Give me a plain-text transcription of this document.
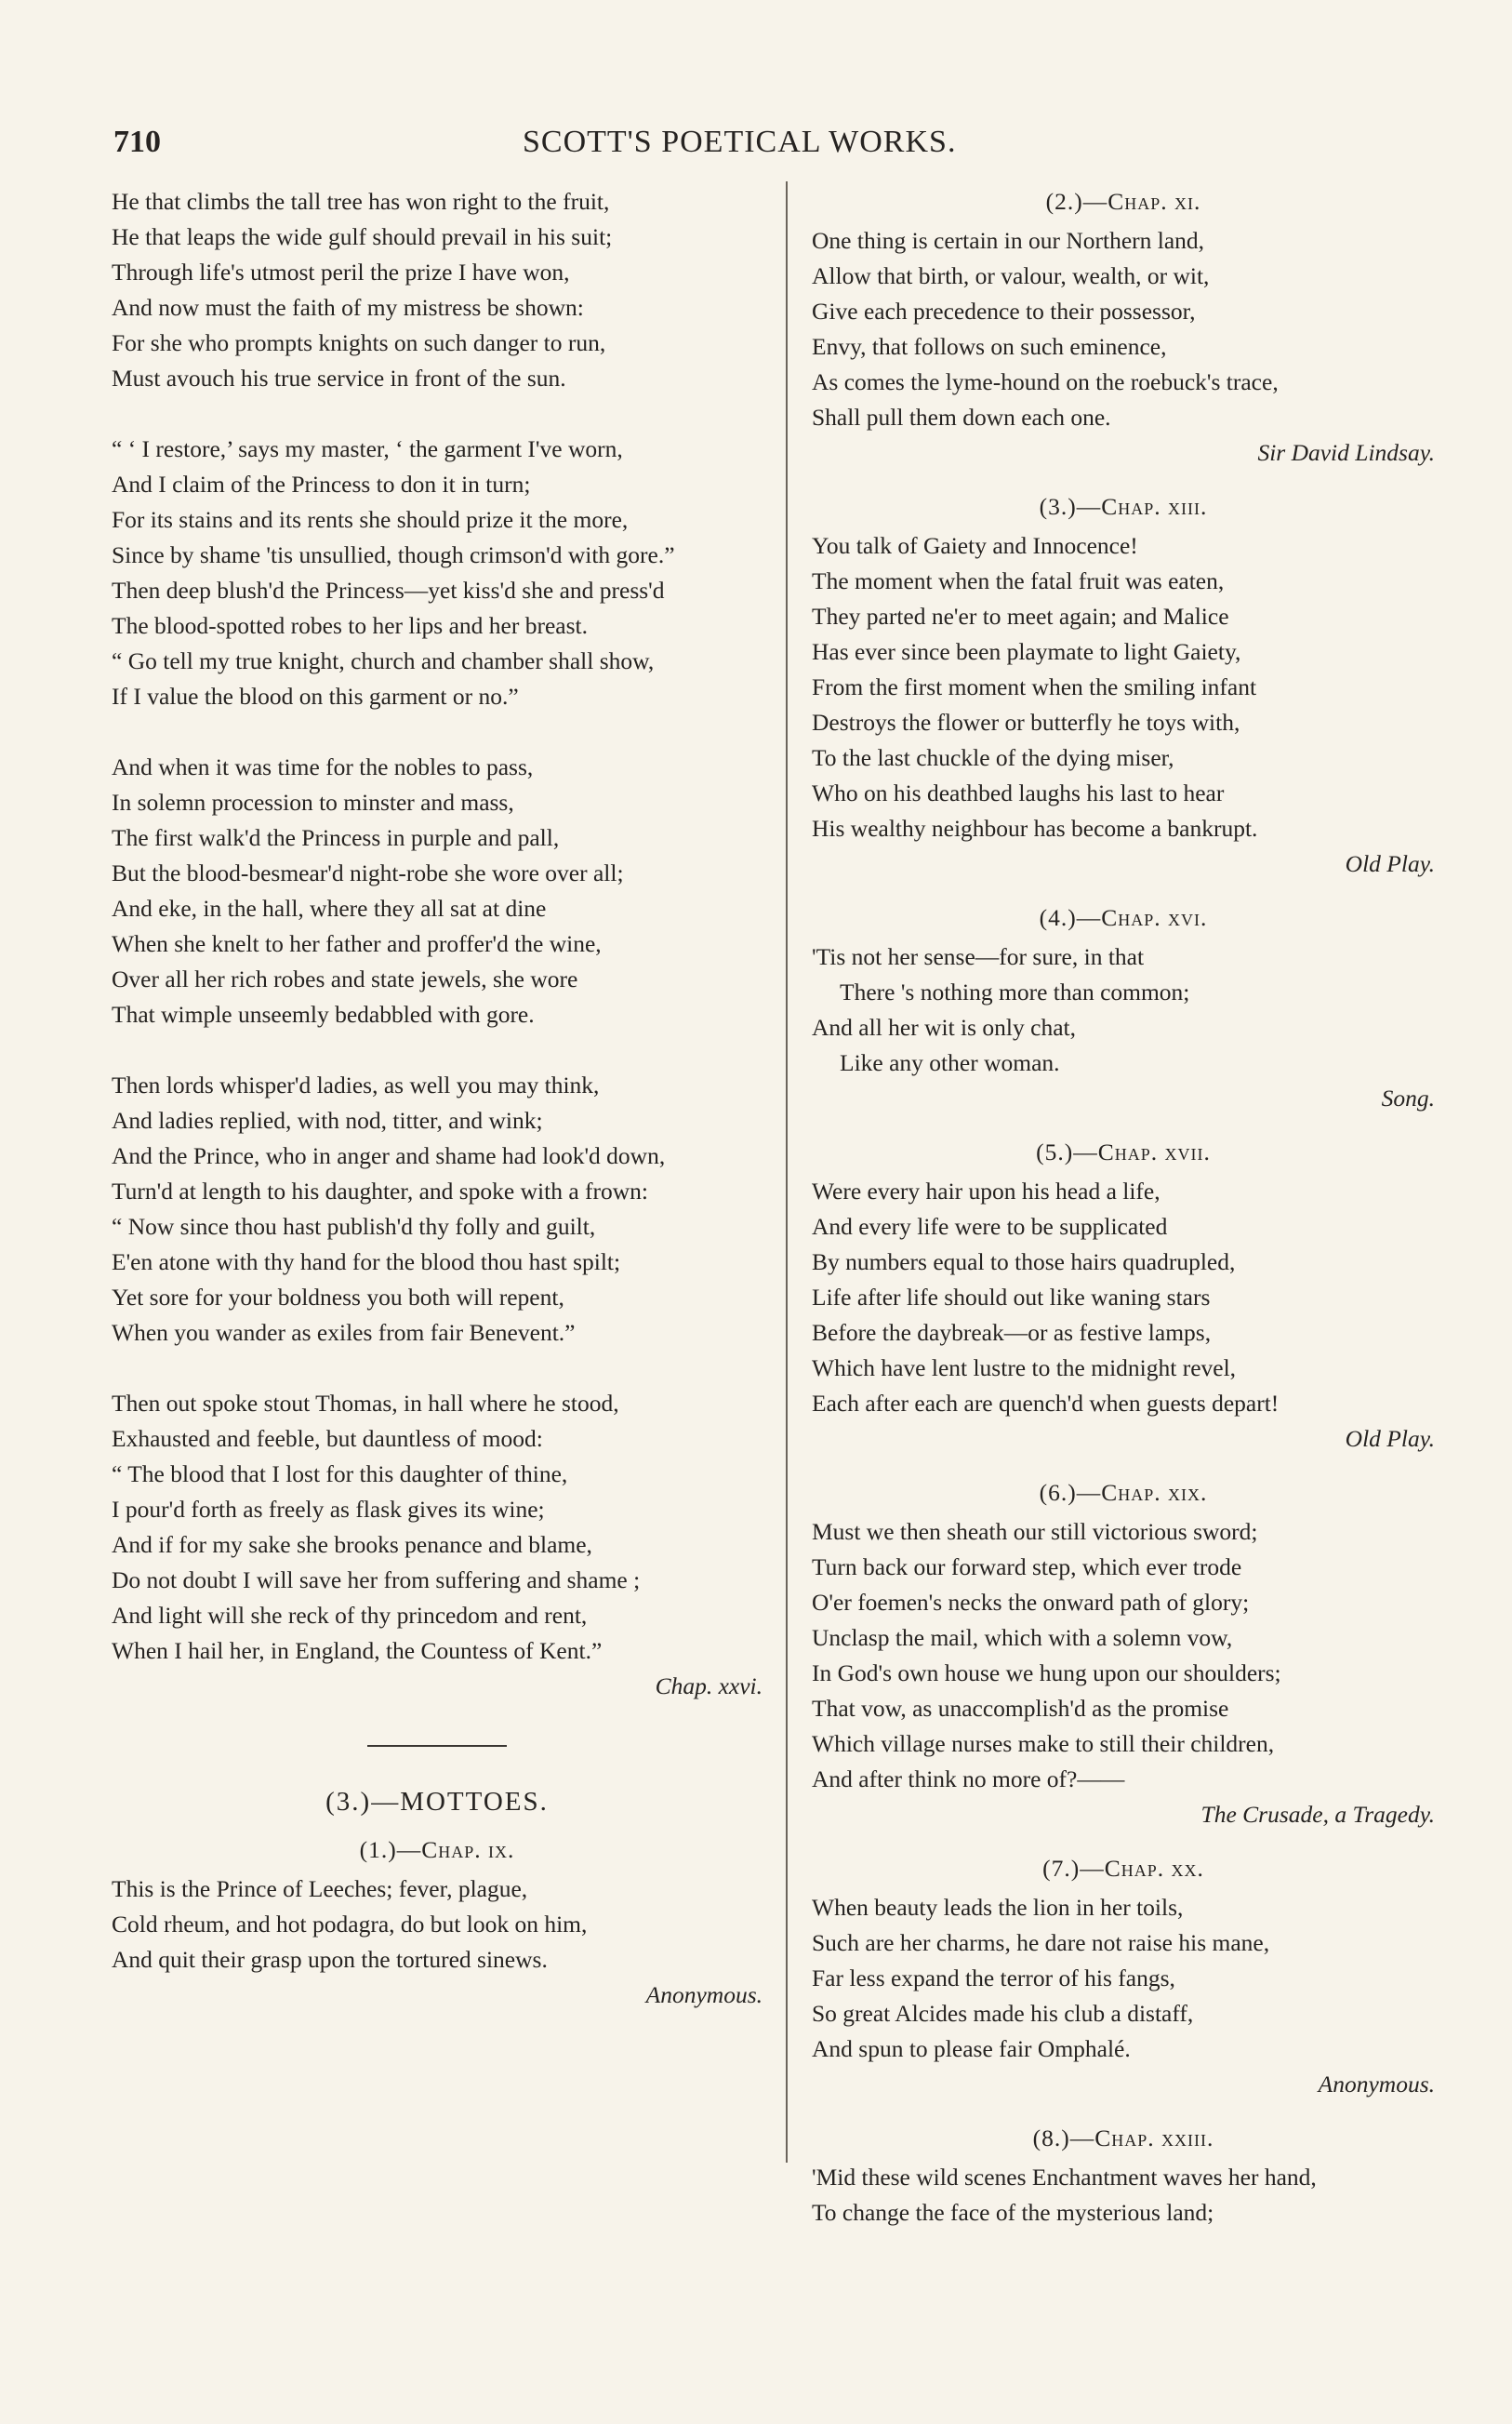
710	SCOTT'S POETICAL WORKS.
He that climbs the tall tree has won right to the fruit,
He that leaps the wide gulf should prevail in his suit;
Through life's utmost peril the prize I have won,
And now must the faith of my mistress be shown:
For she who prompts knights on such danger to run,
Must avouch his true service in front of the sun.
“ ‘ I restore,’ says my master, ‘ the garment I've worn,
And I claim of the Princess to don it in turn;
For its stains and its rents she should prize it the more,
Since by shame 'tis unsullied, though crimson'd with gore.”
Then deep blush'd the Princess—yet kiss'd she and press'd
The blood-spotted robes to her lips and her breast.
“ Go tell my true knight, church and chamber shall show,
If I value the blood on this garment or no.”
And when it was time for the nobles to pass,
In solemn procession to minster and mass,
The first walk'd the Princess in purple and pall,
But the blood-besmear'd night-robe she wore over all;
And eke, in the hall, where they all sat at dine
When she knelt to her father and proffer'd the wine,
Over all her rich robes and state jewels, she wore
That wimple unseemly bedabbled with gore.
Then lords whisper'd ladies, as well you may think,
And ladies replied, with nod, titter, and wink;
And the Prince, who in anger and shame had look'd down,
Turn'd at length to his daughter, and spoke with a frown:
“ Now since thou hast publish'd thy folly and guilt,
E'en atone with thy hand for the blood thou hast spilt;
Yet sore for your boldness you both will repent,
When you wander as exiles from fair Benevent.”
Then out spoke stout Thomas, in hall where he stood,
Exhausted and feeble, but dauntless of mood:
“ The blood that I lost for this daughter of thine,
I pour'd forth as freely as flask gives its wine;
And if for my sake she brooks penance and blame,
Do not doubt I will save her from suffering and shame ;
And light will she reck of thy princedom and rent,
When I hail her, in England, the Countess of Kent.”
Chap. xxvi.
(3.)—MOTTOES.
(1.)—Chap. ix.
This is the Prince of Leeches; fever, plague,
Cold rheum, and hot podagra, do but look on him,
And quit their grasp upon the tortured sinews.
Anonymous.
(2.)—Chap. xi.
One thing is certain in our Northern land,
Allow that birth, or valour, wealth, or wit,
Give each precedence to their possessor,
Envy, that follows on such eminence,
As comes the lyme-hound on the roebuck's trace,
Shall pull them down each one.
Sir David Lindsay.
(3.)—Chap. xiii.
You talk of Gaiety and Innocence!
The moment when the fatal fruit was eaten,
They parted ne'er to meet again; and Malice
Has ever since been playmate to light Gaiety,
From the first moment when the smiling infant
Destroys the flower or butterfly he toys with,
To the last chuckle of the dying miser,
Who on his deathbed laughs his last to hear
His wealthy neighbour has become a bankrupt.
Old Play.
(4.)—Chap. xvi.
'Tis not her sense—for sure, in that
There 's nothing more than common;
And all her wit is only chat,
Like any other woman.
Song.
(5.)—Chap. xvii.
Were every hair upon his head a life,
And every life were to be supplicated
By numbers equal to those hairs quadrupled,
Life after life should out like waning stars
Before the daybreak—or as festive lamps,
Which have lent lustre to the midnight revel,
Each after each are quench'd when guests depart!
Old Play.
(6.)—Chap. xix.
Must we then sheath our still victorious sword;
Turn back our forward step, which ever trode
O'er foemen's necks the onward path of glory;
Unclasp the mail, which with a solemn vow,
In God's own house we hung upon our shoulders;
That vow, as unaccomplish'd as the promise
Which village nurses make to still their children,
And after think no more of?——
The Crusade, a Tragedy.
(7.)—Chap. xx.
When beauty leads the lion in her toils,
Such are her charms, he dare not raise his mane,
Far less expand the terror of his fangs,
So great Alcides made his club a distaff,
And spun to please fair Omphalé.
Anonymous.
(8.)—Chap. xxiii.
'Mid these wild scenes Enchantment waves her hand,
To change the face of the mysterious land;
